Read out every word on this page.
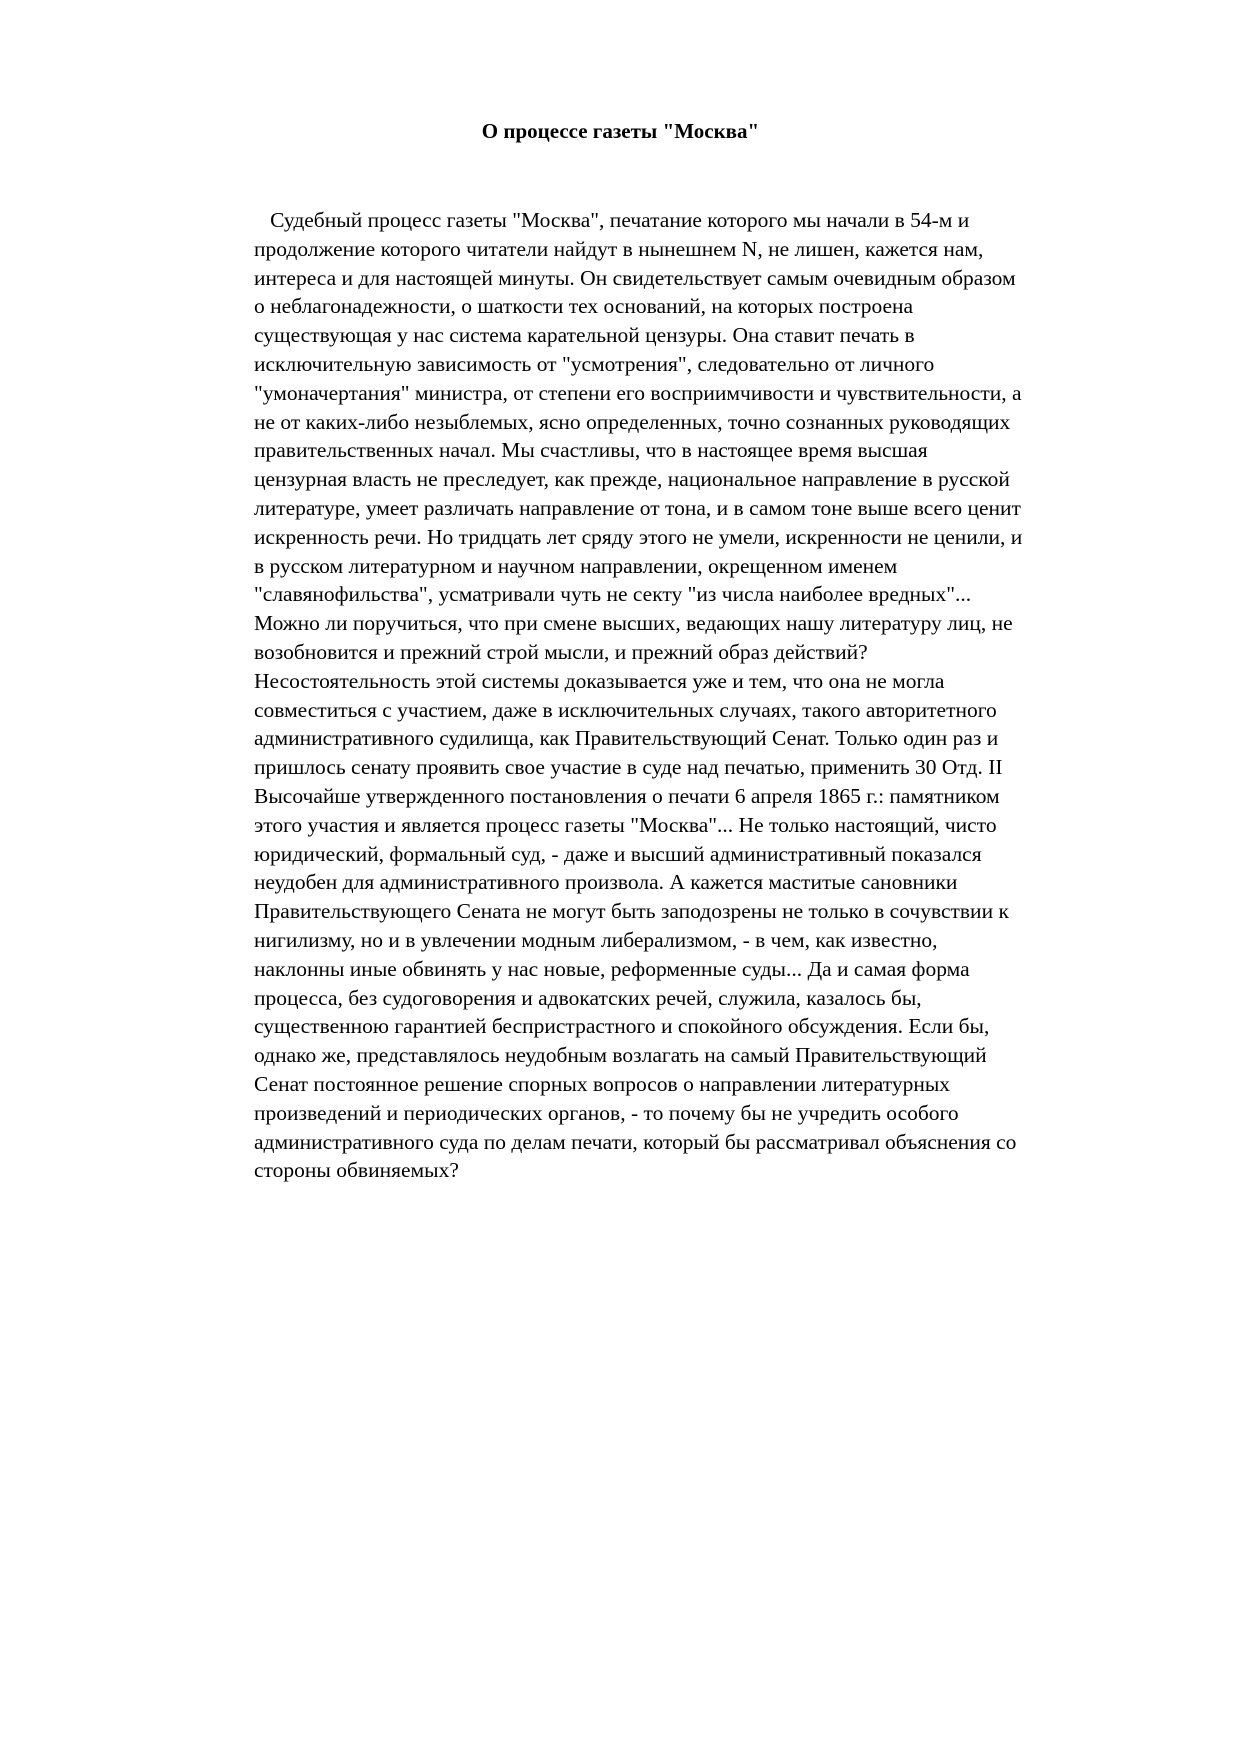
О процессе газеты "Москва"
Судебный процесс газеты "Москва", печатание которого мы начали в 54-м и
продолжение которого читатели найдут в нынешнем N, не лишен, кажется нам,
интереса и для настоящей минуты. Он свидетельствует самым очевидным образом
о неблагонадежности, о шаткости тех оснований, на которых построена
существующая у нас система карательной цензуры. Она ставит печать в
исключительную зависимость от "усмотрения", следовательно от личного
"умоначертания" министра, от степени его восприимчивости и чувствительности, а
не от каких-либо незыблемых, ясно определенных, точно сознанных руководящих
правительственных начал. Мы счастливы, что в настоящее время высшая
цензурная власть не преследует, как прежде, национальное направление в русской
литературе, умеет различать направление от тона, и в самом тоне выше всего ценит
искренность речи. Но тридцать лет сряду этого не умели, искренности не ценили, и
в русском литературном и научном направлении, окрещенном именем
"славянофильства", усматривали чуть не секту "из числа наиболее вредных"...
Можно ли поручиться, что при смене высших, ведающих нашу литературу лиц, не
возобновится и прежний строй мысли, и прежний образ действий?
Несостоятельность этой системы доказывается уже и тем, что она не могла
совместиться с участием, даже в исключительных случаях, такого авторитетного
административного судилища, как Правительствующий Сенат. Только один раз и
пришлось сенату проявить свое участие в суде над печатью, применить 30 Отд. II
Высочайше утвержденного постановления о печати 6 апреля 1865 г.: памятником
этого участия и является процесс газеты "Москва"... Не только настоящий, чисто
юридический, формальный суд, - даже и высший административный показался
неудобен для административного произвола. А кажется маститые сановники
Правительствующего Сената не могут быть заподозрены не только в сочувствии к
нигилизму, но и в увлечении модным либерализмом, - в чем, как известно,
наклонны иные обвинять у нас новые, реформенные суды... Да и самая форма
процесса, без судоговорения и адвокатских речей, служила, казалось бы,
существенною гарантией беспристрастного и спокойного обсуждения. Если бы,
однако же, представлялось неудобным возлагать на самый Правительствующий
Сенат постоянное решение спорных вопросов о направлении литературных
произведений и периодических органов, - то почему бы не учредить особого
административного суда по делам печати, который бы рассматривал объяснения со
стороны обвиняемых?
